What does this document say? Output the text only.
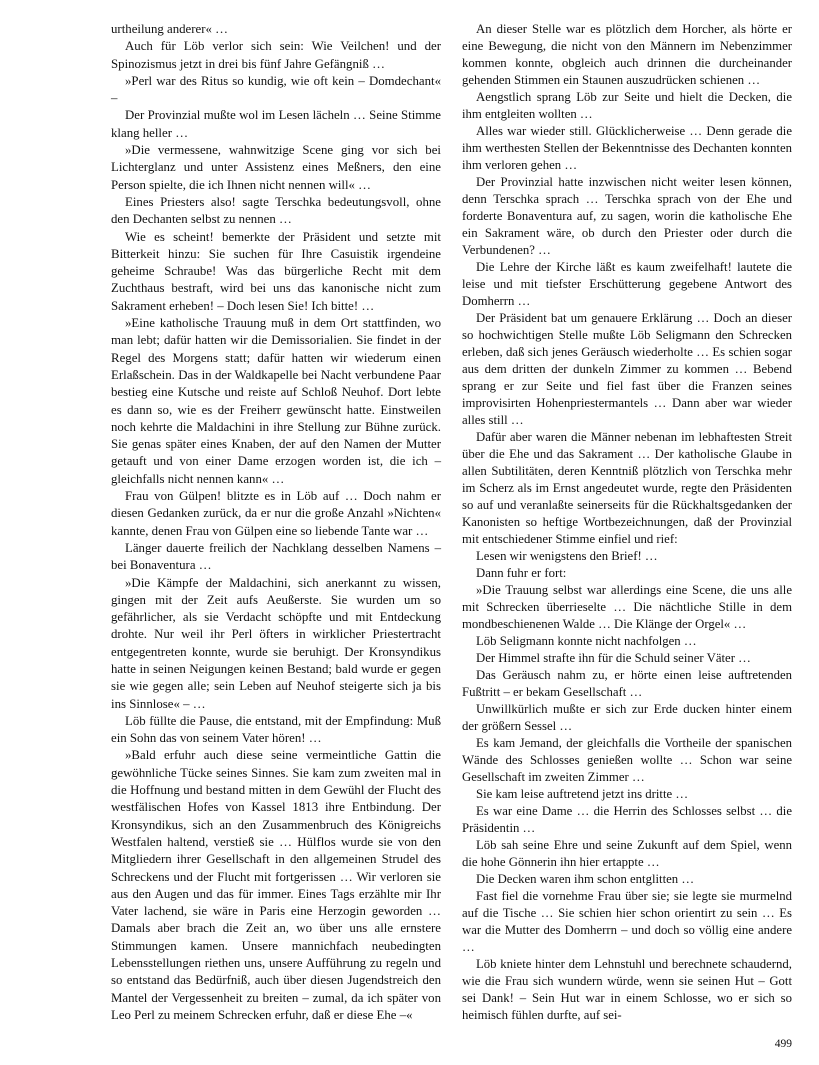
urtheilung anderer« …

Auch für Löb verlor sich sein: Wie Veilchen! und der Spinozismus jetzt in drei bis fünf Jahre Gefängniß …

»Perl war des Ritus so kundig, wie oft kein – Domdechant« –

Der Provinzial mußte wol im Lesen lächeln … Seine Stimme klang heller …

»Die vermessene, wahnwitzige Scene ging vor sich bei Lichterglanz und unter Assistenz eines Meßners, den eine Person spielte, die ich Ihnen nicht nennen will« …

Eines Priesters also! sagte Terschka bedeutungsvoll, ohne den Dechanten selbst zu nennen …

Wie es scheint! bemerkte der Präsident und setzte mit Bitterkeit hinzu: Sie suchen für Ihre Casuistik irgendeine geheime Schraube! Was das bürgerliche Recht mit dem Zuchthaus bestraft, wird bei uns das kanonische nicht zum Sakrament erheben! – Doch lesen Sie! Ich bitte! …

»Eine katholische Trauung muß in dem Ort stattfinden, wo man lebt; dafür hatten wir die Demissorialien. Sie findet in der Regel des Morgens statt; dafür hatten wir wiederum einen Erlaßschein. Das in der Waldkapelle bei Nacht verbundene Paar bestieg eine Kutsche und reiste auf Schloß Neuhof. Dort lebte es dann so, wie es der Freiherr gewünscht hatte. Einstweilen noch kehrte die Maldachini in ihre Stellung zur Bühne zurück. Sie genas später eines Knaben, der auf den Namen der Mutter getauft und von einer Dame erzogen worden ist, die ich – gleichfalls nicht nennen kann« …

Frau von Gülpen! blitzte es in Löb auf … Doch nahm er diesen Gedanken zurück, da er nur die große Anzahl »Nichten« kannte, denen Frau von Gülpen eine so liebende Tante war …

Länger dauerte freilich der Nachklang desselben Namens – bei Bonaventura …

»Die Kämpfe der Maldachini, sich anerkannt zu wissen, gingen mit der Zeit aufs Aeußerste. Sie wurden um so gefährlicher, als sie Verdacht schöpfte und mit Entdeckung drohte. Nur weil ihr Perl öfters in wirklicher Priestertracht entgegentreten konnte, wurde sie beruhigt. Der Kronsyndikus hatte in seinen Neigungen keinen Bestand; bald wurde er gegen sie wie gegen alle; sein Leben auf Neuhof steigerte sich ja bis ins Sinnlose« – …

Löb füllte die Pause, die entstand, mit der Empfindung: Muß ein Sohn das von seinem Vater hören! …

»Bald erfuhr auch diese seine vermeintliche Gattin die gewöhnliche Tücke seines Sinnes. Sie kam zum zweiten mal in die Hoffnung und bestand mitten in dem Gewühl der Flucht des westfälischen Hofes von Kassel 1813 ihre Entbindung. Der Kronsyndikus, sich an den Zusammenbruch des Königreichs Westfalen haltend, verstieß sie … Hülflos wurde sie von den Mitgliedern ihrer Gesellschaft in den allgemeinen Strudel des Schreckens und der Flucht mit fortgerissen … Wir verloren sie aus den Augen und das für immer. Eines Tags erzählte mir Ihr Vater lachend, sie wäre in Paris eine Herzogin geworden … Damals aber brach die Zeit an, wo über uns alle ernstere Stimmungen kamen. Unsere mannichfach neubedingten Lebensstellungen riethen uns, unsere Aufführung zu regeln und so entstand das Bedürfniß, auch über diesen Jugendstreich den Mantel der Vergessenheit zu breiten – zumal, da ich später von Leo Perl zu meinem Schrecken erfuhr, daß er diese Ehe –«

An dieser Stelle war es plötzlich dem Horcher, als hörte er eine Bewegung, die nicht von den Männern im Nebenzimmer kommen konnte, obgleich auch drinnen die durcheinander gehenden Stimmen ein Staunen auszudrücken schienen …

Aengstlich sprang Löb zur Seite und hielt die Decken, die ihm entgleiten wollten …

Alles war wieder still. Glücklicherweise … Denn gerade die ihm werthesten Stellen der Bekenntnisse des Dechanten konnten ihm verloren gehen …

Der Provinzial hatte inzwischen nicht weiter lesen können, denn Terschka sprach … Terschka sprach von der Ehe und forderte Bonaventura auf, zu sagen, worin die katholische Ehe ein Sakrament wäre, ob durch den Priester oder durch die Verbundenen? …

Die Lehre der Kirche läßt es kaum zweifelhaft! lautete die leise und mit tiefster Erschütterung gegebene Antwort des Domherrn …

Der Präsident bat um genauere Erklärung … Doch an dieser so hochwichtigen Stelle mußte Löb Seligmann den Schrecken erleben, daß sich jenes Geräusch wiederholte … Es schien sogar aus dem dritten der dunkeln Zimmer zu kommen … Bebend sprang er zur Seite und fiel fast über die Franzen seines improvisirten Hohenpriestermantels … Dann aber war wieder alles still …

Dafür aber waren die Männer nebenan im lebhaftesten Streit über die Ehe und das Sakrament … Der katholische Glaube in allen Subtilitäten, deren Kenntniß plötzlich von Terschka mehr im Scherz als im Ernst angedeutet wurde, regte den Präsidenten so auf und veranlaßte seinerseits für die Rückhaltsgedanken der Kanonisten so heftige Wortbezeichnungen, daß der Provinzial mit entschiedener Stimme einfiel und rief:

Lesen wir wenigstens den Brief! …

Dann fuhr er fort:

»Die Trauung selbst war allerdings eine Scene, die uns alle mit Schrecken überrieselte … Die nächtliche Stille in dem mondbeschienenen Walde … Die Klänge der Orgel« …

Löb Seligmann konnte nicht nachfolgen …

Der Himmel strafte ihn für die Schuld seiner Väter …

Das Geräusch nahm zu, er hörte einen leise auftretenden Fußtritt – er bekam Gesellschaft …

Unwillkürlich mußte er sich zur Erde ducken hinter einem der größern Sessel …

Es kam Jemand, der gleichfalls die Vortheile der spanischen Wände des Schlosses genießen wollte … Schon war seine Gesellschaft im zweiten Zimmer …

Sie kam leise auftretend jetzt ins dritte …

Es war eine Dame … die Herrin des Schlosses selbst … die Präsidentin …

Löb sah seine Ehre und seine Zukunft auf dem Spiel, wenn die hohe Gönnerin ihn hier ertappte …

Die Decken waren ihm schon entglitten …

Fast fiel die vornehme Frau über sie; sie legte sie murmelnd auf die Tische … Sie schien hier schon orientirt zu sein … Es war die Mutter des Domherrn – und doch so völlig eine andere …

Löb kniete hinter dem Lehnstuhl und berechnete schaudernd, wie die Frau sich wundern würde, wenn sie seinen Hut – Gott sei Dank! – Sein Hut war in einem Schlosse, wo er sich so heimisch fühlen durfte, auf sei-

499
